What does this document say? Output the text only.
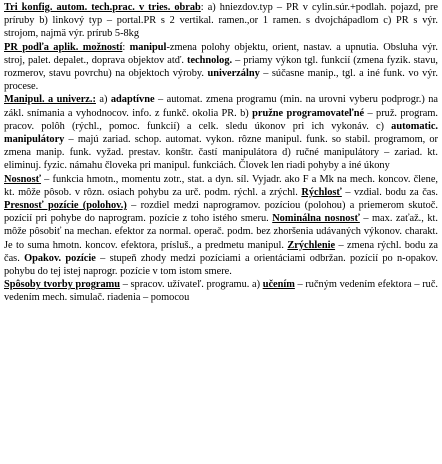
Tri konfig. autom. tech.prac. v tries. obrab: a) hniezdov.typ – PR v cylin.súr.+podlah. pojazd, pre príruby b) linkový typ – portal.PR s 2 vertikal. ramen.,or 1 ramen. s dvojchápadlom c) PR s výr. strojom, najmä výr. prírub 5-8kg

PR podľa aplik. možností: manipul-zmena polohy objektu, orient, nastav. a upnutia. Obsluha výr. stroj, palet. depalet., doprava objektov atď. technolog. – priamy výkon tgl. funkcií (zmena fyzik. stavu, rozmerov, stavu povrchu) na objektoch výroby. univerzálny – súčasne manip., tgl. a iné funk. vo výr. procese.

Manipul. a univerz.: a) adaptívne – automat. zmena programu (min. na urovni vyberu podprogr.) na zákl. snímania a vyhodnocov. info. z funkč. okolia PR. b) pružne programovateľné – pruž. program. pracov. polôh (rýchl., pomoc. funkcií) a celk. sledu úkonov pri ich vykonáv. c) automatic. manipulátory – majú zariad. schop. automat. vykon. rôzne manipul. funk. so stabil. programom, or zmena manip. funk. vyžad. prestav. konštr. častí manipulátora d) ručné manipulátory – zariad. kt. eliminuj. fyzic. námahu človeka pri manipul. funkciách. Človek len riadi pohyby a iné úkony

Nosnosť – funkcia hmotn., momentu zotr., stat. a dyn. síl. Vyjadr. ako F a Mk na mech. koncov. člene, kt. môže pôsob. v rôzn. osiach pohybu za urč. podm. rýchl. a zrýchl. Rýchlosť – vzdial. bodu za čas. Presnosť pozície (polohov.) – rozdiel medzi naprogramov. pozíciou (polohou) a priemerom skutoč. pozícií pri pohybe do naprogram. pozície z toho istého smeru. Nominálna nosnosť – max. zaťaž., kt. môže pôsobiť na mechan. efektor za normal. operač. podm. bez zhoršenia udávaných výkonov. charakt. Je to suma hmotn. koncov. efektora, prísluš., a predmetu manipul. Zrýchlenie – zmena rýchl. bodu za čas. Opakov. pozície – stupeň zhody medzi pozíciami a orientáciami odbržan. pozícií po n-opakov. pohybu do tej istej naprogr. pozície v tom istom smere.

Spôsoby tvorby programu – spracov. užívateľ. programu. a) učením – ručným vedením efektora – ruč. vedením mech. simulač. riadenia – pomocou
